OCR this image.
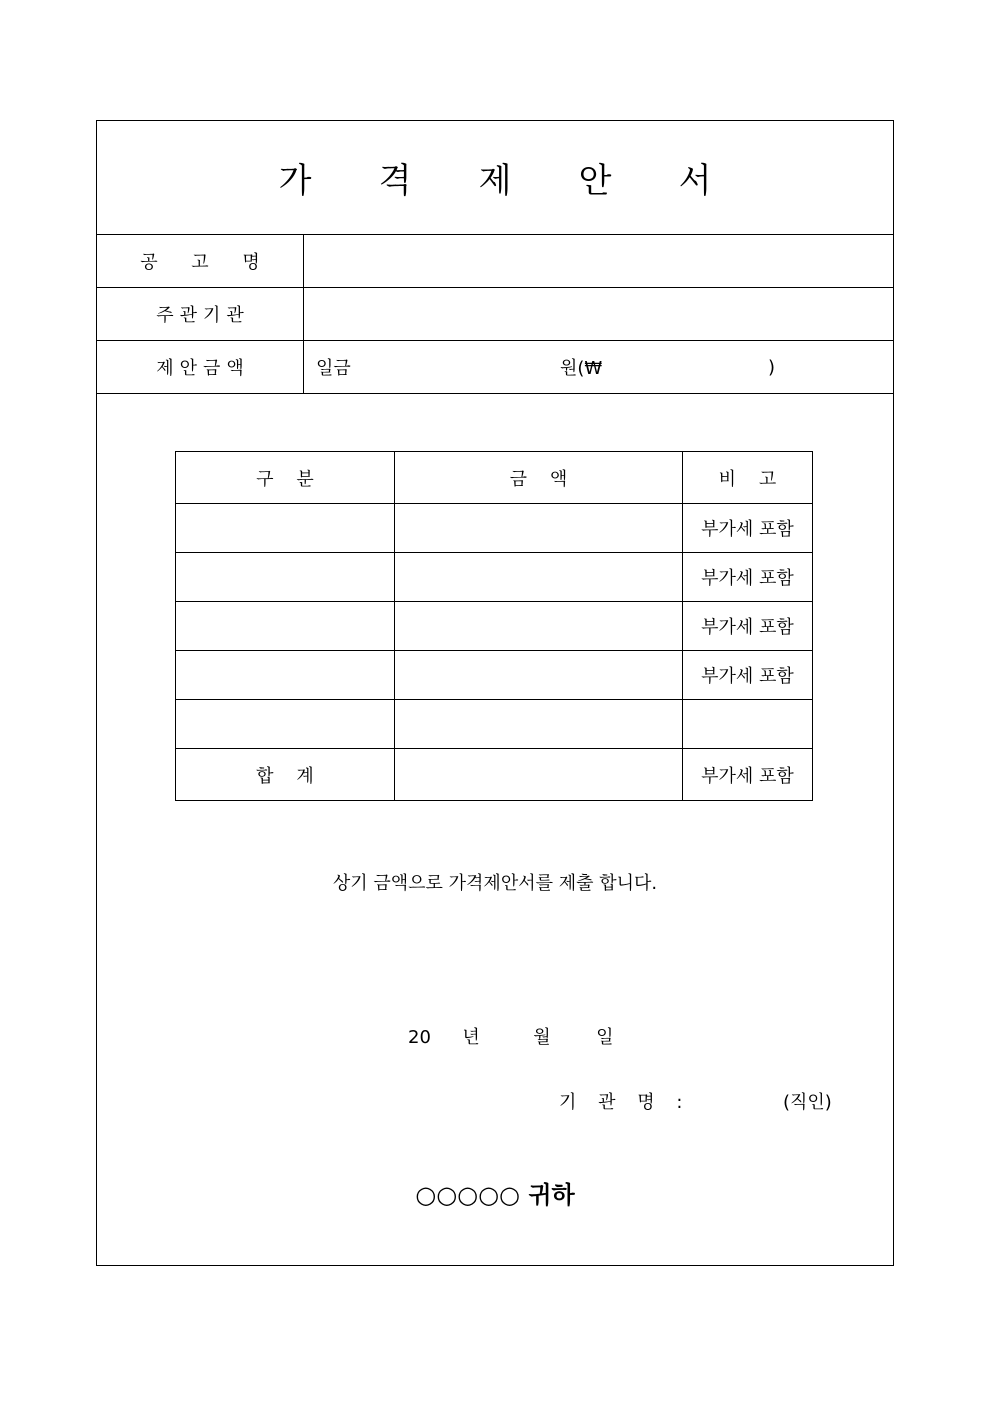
가	격	제	안	서
공 고 명
주관기관
제안금액	일금	원(₩	)
구    분	금    액	비    고
		부가세 포함
		부가세 포함
		부가세 포함
		부가세 포함

합    계		부가세 포함
상기 금액으로 가격제안서를 제출 합니다.
20 년	월	일
기 관 명 :	(직인)
○○○○○ 귀하
